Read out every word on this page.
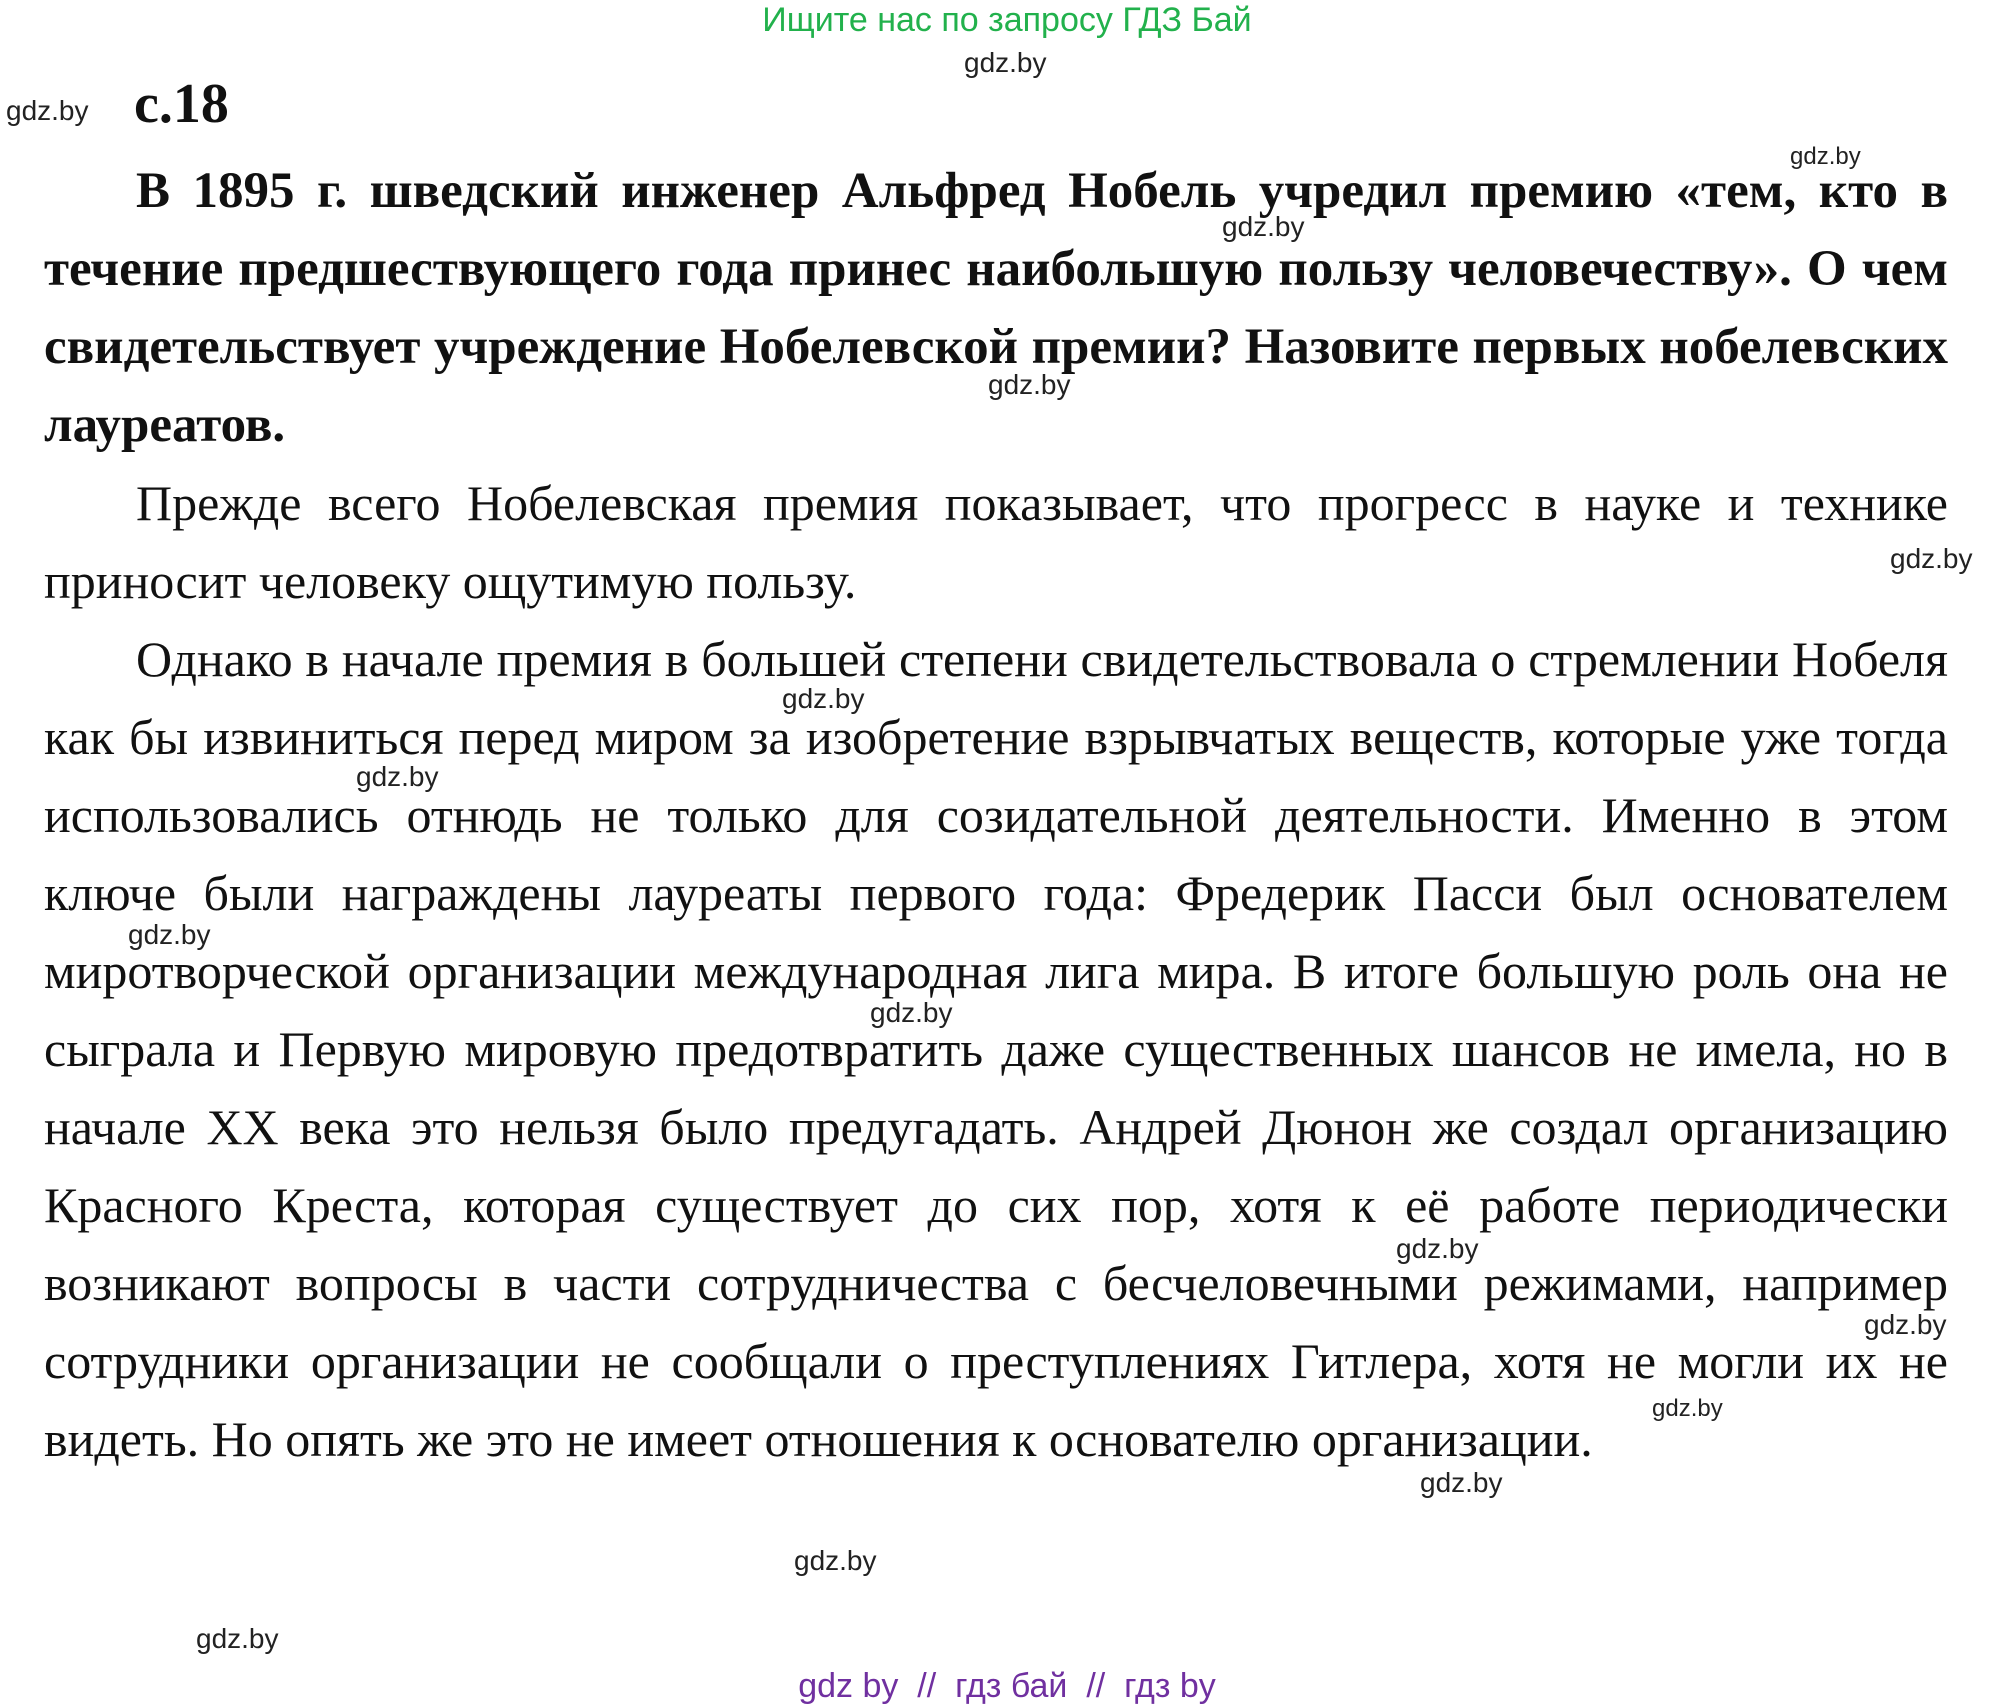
Ищите нас по запросу ГДЗ Бай
gdz.by
gdz.by с.18

В 1895 г. шведский инженер Альфред Нобель учредил премию «тем, кто в течение предшествующего года принес наибольшую пользу человечеству». О чем свидетельствует учреждение Нобелевской премии? Назовите первых нобелевских лауреатов.

Прежде всего Нобелевская премия показывает, что прогресс в науке и технике приносит человеку ощутимую пользу.

Однако в начале премия в большей степени свидетельствовала о стремлении Нобеля как бы извиниться перед миром за изобретение взрывчатых веществ, которые уже тогда использовались отнюдь не только для созидательной деятельности. Именно в этом ключе были награждены лауреаты первого года: Фредерик Пасси был основателем миротворческой организации международная лига мира. В итоге большую роль она не сыграла и Первую мировую предотвратить даже существенных шансов не имела, но в начале XX века это нельзя было предугадать. Андрей Дюнон же создал организацию Красного Креста, которая существует до сих пор, хотя к её работе периодически возникают вопросы в части сотрудничества с бесчеловечными режимами, например сотрудники организации не сообщали о преступлениях Гитлера, хотя не могли их не видеть. Но опять же это не имеет отношения к основателю организации.

gdz.by
gdz.by
gdz.by
gdz.by
gdz.by
gdz.by
gdz.by
gdz.by
gdz.by
gdz.by
gdz.by
gdz.by
gdz.by
gdz.by
gdz by  //  гдз бай  //  гдз by
